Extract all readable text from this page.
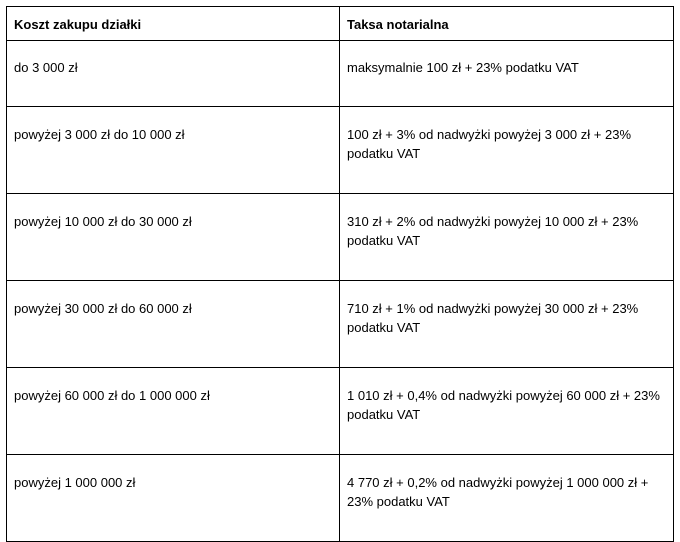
Koszt zakupu działki	Taksa notarialna
do 3 000 zł	maksymalnie 100 zł + 23% podatku VAT
powyżej 3 000 zł do 10 000 zł	100 zł + 3% od nadwyżki powyżej 3 000 zł + 23% podatku VAT
powyżej 10 000 zł do 30 000 zł	310 zł + 2% od nadwyżki powyżej 10 000 zł + 23% podatku VAT
powyżej 30 000 zł do 60 000 zł	710 zł + 1% od nadwyżki powyżej 30 000 zł + 23% podatku VAT
powyżej 60 000 zł do 1 000 000 zł	1 010 zł + 0,4% od nadwyżki powyżej 60 000 zł + 23% podatku VAT
powyżej 1 000 000 zł	4 770 zł + 0,2% od nadwyżki powyżej 1 000 000 zł + 23% podatku VAT
